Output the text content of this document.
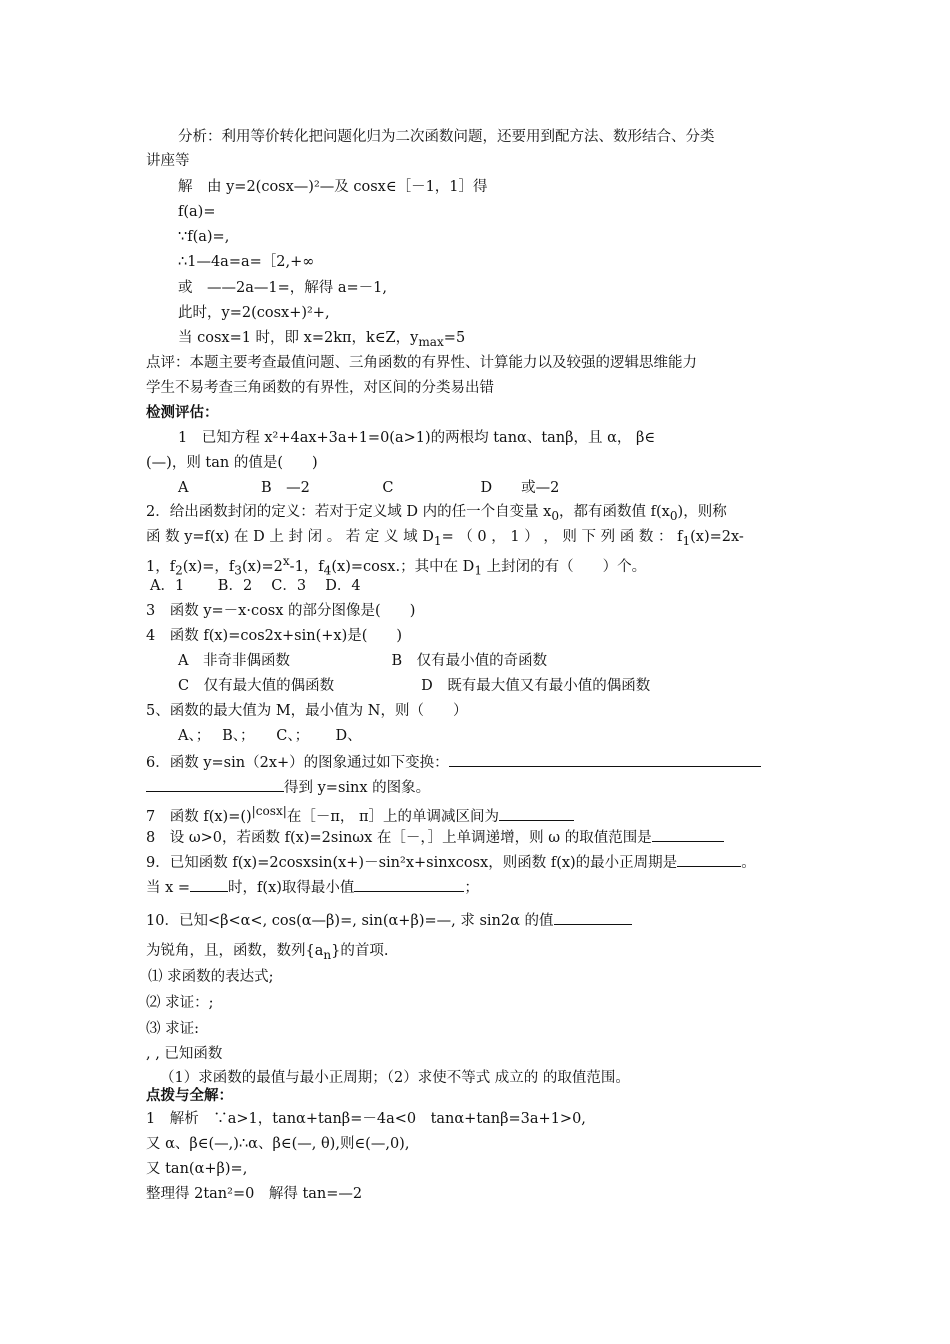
分析：利用等价转化把问题化归为二次函数问题，还要用到配方法、数形结合、分类
讲座等
解　由 y=2(cosx—)²—及 cosx∈［－1，1］得
f(a)=
∵f(a)=,
∴1—4a=a=［2,+∞
或　——2a—1=，解得 a=－1,
此时，y=2(cosx+)²+,
当 cosx=1 时，即 x=2kπ，k∈Z，$y_{max}=5$
点评：本题主要考查最值问题、三角函数的有界性、计算能力以及较强的逻辑思维能力
学生不易考查三角函数的有界性，对区间的分类易出错
检测评估：
1　已知方程 x²+4ax+3a+1=0(a>1)的两根均 tanα、tanβ，且 α， β∈
(—)，则 tan 的值是(　　)
A　　　　　B　—2　　　　　C　　　　　　D　　或—2
2．给出函数封闭的定义：若对于定义域 D 内的任一个自变量 $x_0$，都有函数值 $f(x_0)$，则称
函 数 y=f(x) 在 D 上 封 闭 。 若 定 义 域 $D_1=$ （ 0 ， 1 ） ， 则 下 列 函 数 ： $f_1(x)=2x-$
1，$f_2(x)=$，$f_3(x)=2^x-1$，$f_4(x)=\cos x$.；其中在 $D_1$ 上封闭的有（　　）个。
A．1　　 B．2　 C．3　 D．4
3　函数 y=－x·cosx 的部分图像是(　　)
4　函数 f(x)=cos2x+sin(+x)是(　　)
A　非奇非偶函数　　　　　　　B　仅有最小值的奇函数
C　仅有最大值的偶函数　　　　　　D　既有最大值又有最小值的偶函数
5、函数的最大值为 M，最小值为 N，则（　　）
A、；　 B、；　　C、；　　 D、
6．函数 y=sin（2x+）的图象通过如下变换：
得到 y=sinx 的图象。
7　函数 f(x)=()$^{|cosx|}$在［－π， π］上的单调减区间为
8　设 ω>0，若函数 f(x)=2sinωx 在［－，］上单调递增，则 ω 的取值范围是
9．已知函数 f(x)=2cosxsin(x+)－sin²x+sinxcosx，则函数 f(x)的最小正周期是	。
当 x =	时，f(x)取得最小值	；
10．已知<β<α<, cos(α—β)=, sin(α+β)=—, 求 sin2α 的值
为锐角，且，函数，数列$\{a_n\}$的首项.
⑴ 求函数的表达式;
⑵ 求证：;
⑶ 求证:
, , 已知函数
（1）求函数的最值与最小正周期；（2）求使不等式 成立的 的取值范围。
点拨与全解：
1　解析　∵a>1，tanα+tanβ=－4a<0　tanα+tanβ=3a+1>0,
又 α、β∈(—,)∴α、β∈(—, θ),则∈(—,0),
又 tan(α+β)=,
整理得 2tan²=0　解得 tan=—2
